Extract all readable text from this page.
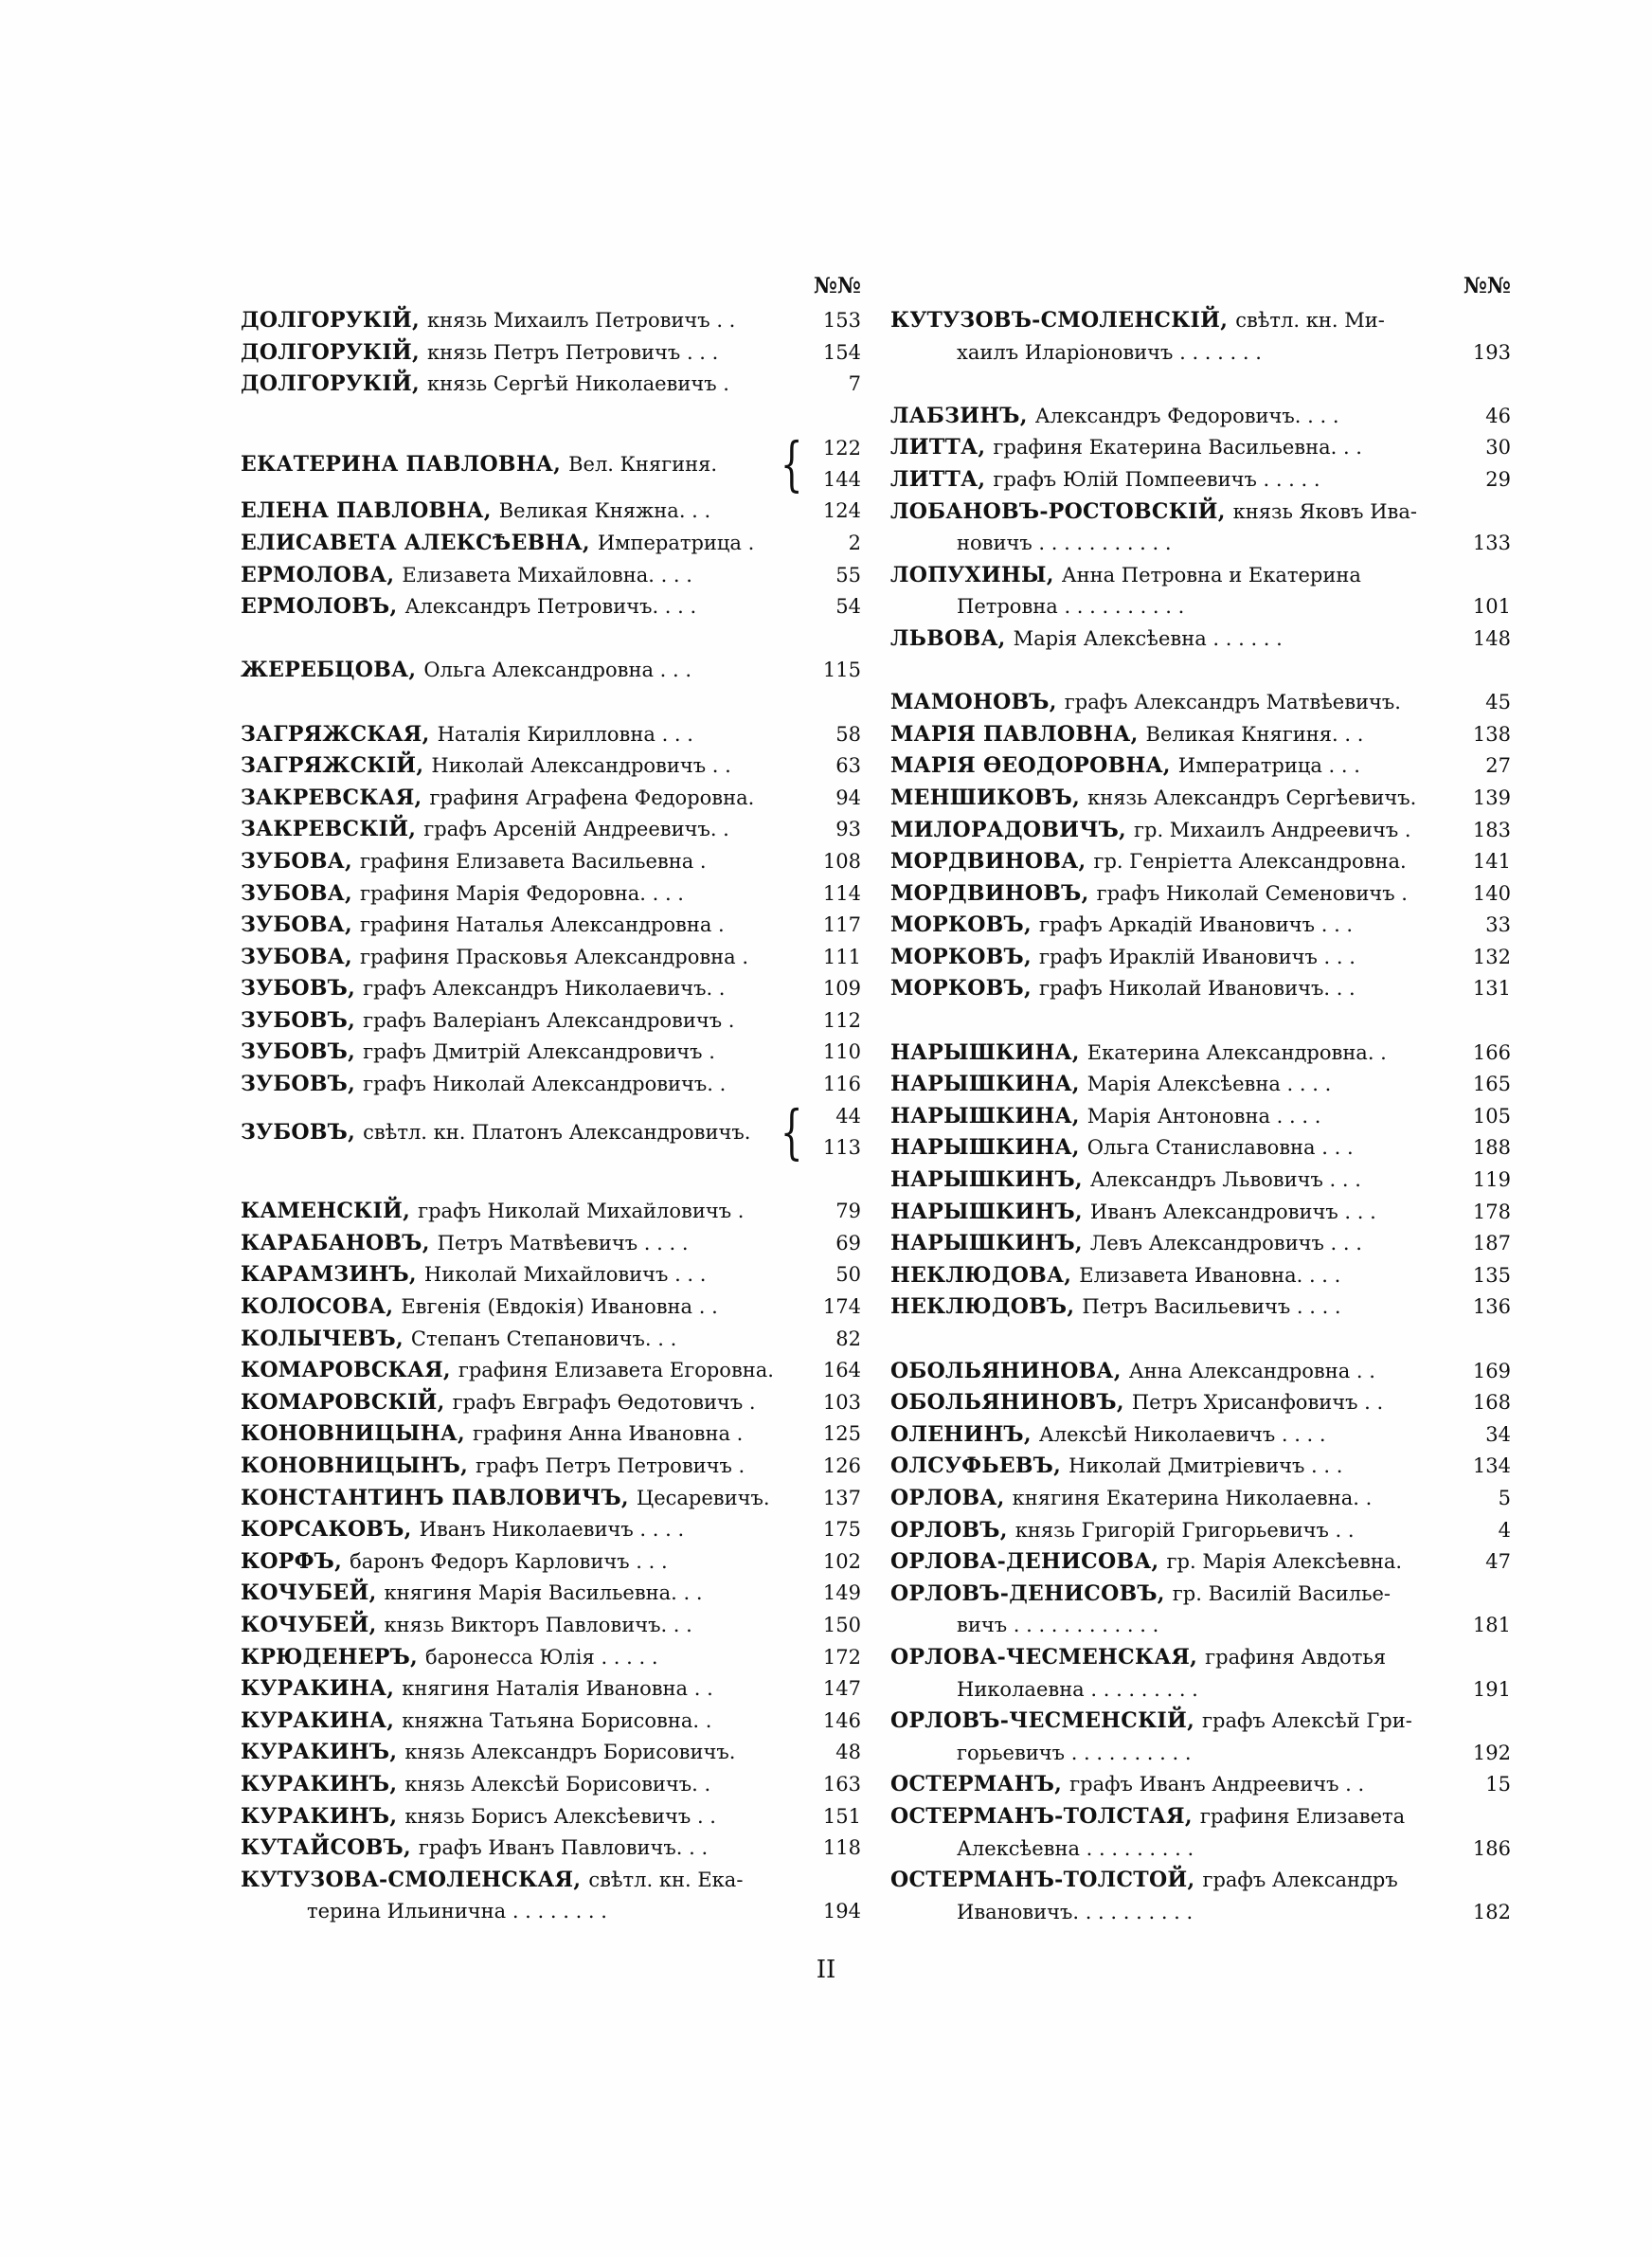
№№
ДОЛГОРУКІЙ, князь Михаилъ Петровичъ . .	153
ДОЛГОРУКІЙ, князь Петръ Петровичъ . . .	154
ДОЛГОРУКІЙ, князь Сергѣй Николаевичъ .	7
ЕКАТЕРИНА ПАВЛОВНА, Вел. Княгиня. {	122
144
ЕЛЕНА ПАВЛОВНА, Великая Княжна. . .	124
ЕЛИСАВЕТА АЛЕКСѢЕВНА, Императрица .	2
ЕРМОЛОВА, Елизавета Михайловна. . . .	55
ЕРМОЛОВЪ, Александръ Петровичъ. . . .	54
ЖЕРЕБЦОВА, Ольга Александровна . . .	115
ЗАГРЯЖСКАЯ, Наталія Кирилловна . . .	58
ЗАГРЯЖСКІЙ, Николай Александровичъ . .	63
ЗАКРЕВСКАЯ, графиня Аграфена Федоровна.	94
ЗАКРЕВСКІЙ, графъ Арсеній Андреевичъ. .	93
ЗУБОВА, графиня Елизавета Васильевна .	108
ЗУБОВА, графиня Марія Федоровна. . . .	114
ЗУБОВА, графиня Наталья Александровна .	117
ЗУБОВА, графиня Прасковья Александровна .	111
ЗУБОВЪ, графъ Александръ Николаевичъ. .	109
ЗУБОВЪ, графъ Валеріанъ Александровичъ .	112
ЗУБОВЪ, графъ Дмитрій Александровичъ .	110
ЗУБОВЪ, графъ Николай Александровичъ. .	116
ЗУБОВЪ, свѣтл. кн. Платонъ Александровичъ. {	44
113
КАМЕНСКІЙ, графъ Николай Михайловичъ .	79
КАРАБАНОВЪ, Петръ Матвѣевичъ . . . .	69
КАРАМЗИНЪ, Николай Михайловичъ . . .	50
КОЛОСОВА, Евгенія (Евдокія) Ивановна . .	174
КОЛЫЧЕВЪ, Степанъ Степановичъ. . .	82
КОМАРОВСКАЯ, графиня Елизавета Егоровна.	164
КОМАРОВСКІЙ, графъ Евграфъ Ѳедотовичъ .	103
КОНОВНИЦЫНА, графиня Анна Ивановна .	125
КОНОВНИЦЫНЪ, графъ Петръ Петровичъ .	126
КОНСТАНТИНЪ ПАВЛОВИЧЪ, Цесаревичъ.	137
КОРСАКОВЪ, Иванъ Николаевичъ . . . .	175
КОРФЪ, баронъ Федоръ Карловичъ . . .	102
КОЧУБЕЙ, княгиня Марія Васильевна. . .	149
КОЧУБЕЙ, князь Викторъ Павловичъ. . .	150
КРЮДЕНЕРЪ, баронесса Юлія . . . . .	172
КУРАКИНА, княгиня Наталія Ивановна . .	147
КУРАКИНА, княжна Татьяна Борисовна. .	146
КУРАКИНЪ, князь Александръ Борисовичъ.	48
КУРАКИНЪ, князь Алексѣй Борисовичъ. .	163
КУРАКИНЪ, князь Борисъ Алексѣевичъ . .	151
КУТАЙСОВЪ, графъ Иванъ Павловичъ. . .	118
КУТУЗОВА-СМОЛЕНСКАЯ, свѣтл. кн. Ека-
терина Ильинична . . . . . . . .	194
№№
КУТУЗОВЪ-СМОЛЕНСКІЙ, свѣтл. кн. Ми-
хаилъ Иларіоновичъ . . . . . . .	193
ЛАБЗИНЪ, Александръ Федоровичъ. . . .	46
ЛИТТА, графиня Екатерина Васильевна. . .	30
ЛИТТА, графъ Юлій Помпеевичъ . . . . .	29
ЛОБАНОВЪ-РОСТОВСКІЙ, князь Яковъ Ива-
новичъ . . . . . . . . . . .	133
ЛОПУХИНЫ, Анна Петровна и Екатерина
Петровна . . . . . . . . . .	101
ЛЬВОВА, Марія Алексѣевна . . . . . .	148
МАМОНОВЪ, графъ Александръ Матвѣевичъ.	45
МАРІЯ ПАВЛОВНА, Великая Княгиня. . .	138
МАРІЯ ѲЕОДОРОВНА, Императрица . . .	27
МЕНШИКОВЪ, князь Александръ Сергѣевичъ.	139
МИЛОРАДОВИЧЪ, гр. Михаилъ Андреевичъ .	183
МОРДВИНОВА, гр. Генріетта Александровна.	141
МОРДВИНОВЪ, графъ Николай Семеновичъ .	140
МОРКОВЪ, графъ Аркадій Ивановичъ . . .	33
МОРКОВЪ, графъ Ираклій Ивановичъ . . .	132
МОРКОВЪ, графъ Николай Ивановичъ. . .	131
НАРЫШКИНА, Екатерина Александровна. .	166
НАРЫШКИНА, Марія Алексѣевна . . . .	165
НАРЫШКИНА, Марія Антоновна . . . .	105
НАРЫШКИНА, Ольга Станиславовна . . .	188
НАРЫШКИНЪ, Александръ Львовичъ . . .	119
НАРЫШКИНЪ, Иванъ Александровичъ . . .	178
НАРЫШКИНЪ, Левъ Александровичъ . . .	187
НЕКЛЮДОВА, Елизавета Ивановна. . . .	135
НЕКЛЮДОВЪ, Петръ Васильевичъ . . . .	136
ОБОЛЬЯНИНОВА, Анна Александровна . .	169
ОБОЛЬЯНИНОВЪ, Петръ Хрисанфовичъ . .	168
ОЛЕНИНЪ, Алексѣй Николаевичъ . . . .	34
ОЛСУФЬЕВЪ, Николай Дмитріевичъ . . .	134
ОРЛОВА, княгиня Екатерина Николаевна. .	5
ОРЛОВЪ, князь Григорій Григорьевичъ . .	4
ОРЛОВА-ДЕНИСОВА, гр. Марія Алексѣевна.	47
ОРЛОВЪ-ДЕНИСОВЪ, гр. Василій Василье-
вичъ . . . . . . . . . . . .	181
ОРЛОВА-ЧЕСМЕНСКАЯ, графиня Авдотья
Николаевна . . . . . . . . .	191
ОРЛОВЪ-ЧЕСМЕНСКІЙ, графъ Алексѣй Гри-
горьевичъ . . . . . . . . . .	192
ОСТЕРМАНЪ, графъ Иванъ Андреевичъ . .	15
ОСТЕРМАНЪ-ТОЛСТАЯ, графиня Елизавета
Алексѣевна . . . . . . . . .	186
ОСТЕРМАНЪ-ТОЛСТОЙ, графъ Александръ
Ивановичъ. . . . . . . . . .	182
II
